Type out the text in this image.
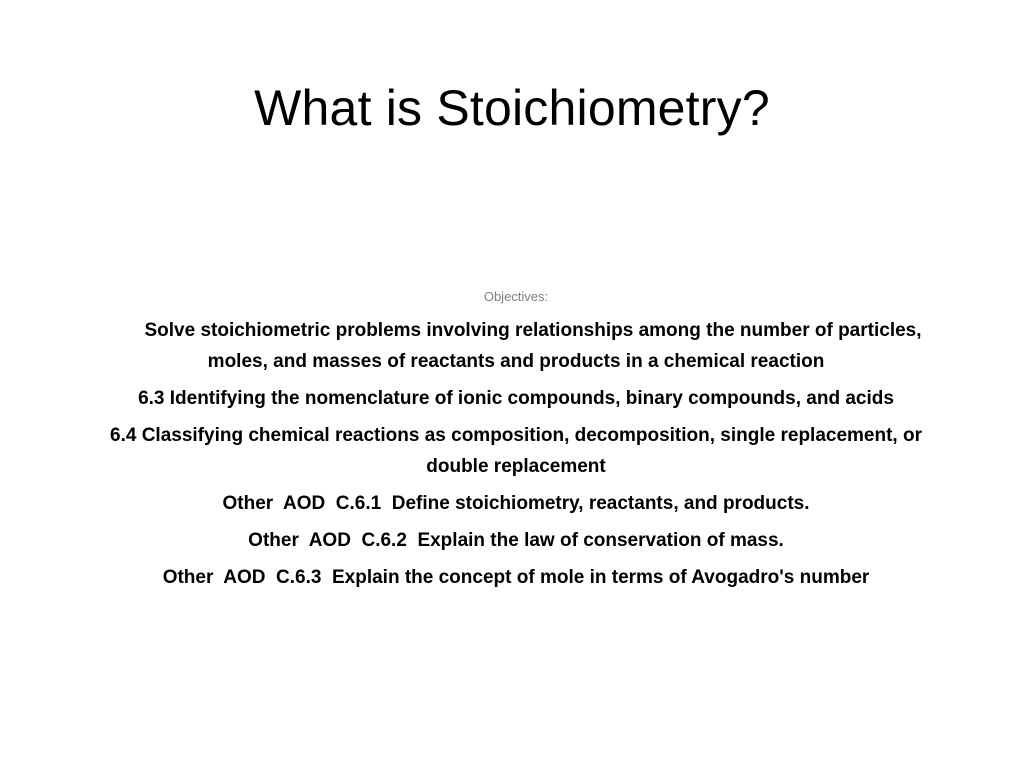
What is Stoichiometry?

Objectives:

Solve stoichiometric problems involving relationships among the number of particles, moles, and masses of reactants and products in a chemical reaction

6.3 Identifying the nomenclature of ionic compounds, binary compounds, and acids

6.4 Classifying chemical reactions as composition, decomposition, single replacement, or double replacement

Other  AOD  C.6.1  Define stoichiometry, reactants, and products.

Other  AOD  C.6.2  Explain the law of conservation of mass.

Other  AOD  C.6.3  Explain the concept of mole in terms of Avogadro's number
